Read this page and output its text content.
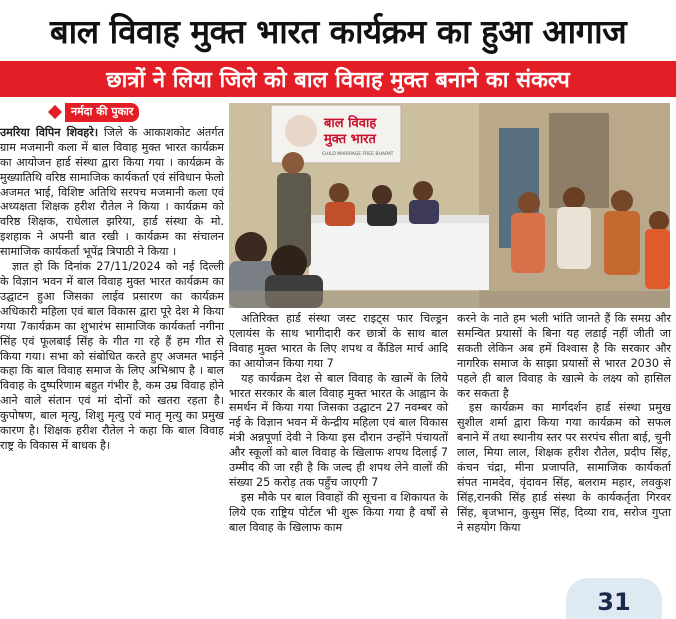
बाल विवाह मुक्त भारत कार्यक्रम का हुआ आगाज
छात्रों ने लिया जिले को बाल विवाह मुक्त बनाने का संकल्प
नर्मदा की पुकार

उमरिया विपिन शिवहरे। जिले के आकाशकोट अंतर्गत ग्राम मजमानी कला में बाल विवाह मुक्त भारत कार्यक्रम का आयोजन हार्ड संस्था द्वारा किया गया । कार्यक्रम के मुख्यातिथि वरिष्ठ सामाजिक कार्यकर्ता एवं संविधान फेलो अजमत भाई, विशिष्ट अतिथि सरपच मजमानी कला एवं अध्यक्षता शिक्षक हरीश रौतेल ने किया । कार्यक्रम को वरिष्ठ शिक्षक, राधेलाल झरिया, हार्ड संस्था के मो. इशहाक ने अपनी बात रखी । कार्यक्रम का संचालन सामाजिक कार्यकर्ता भूपेंद्र त्रिपाठी ने किया ।

ज्ञात हो कि दिनांक 27/11/2024 को नई दिल्ली के विज्ञान भवन में बाल विवाह मुक्त भारत कार्यक्रम का उद्घाटन हुआ जिसका लाईव प्रसारण का कार्यक्रम अधिकारी महिला एवं बाल विकास द्वारा पूरे देश मे किया गया 7कार्यक्रम का शुभारंभ सामाजिक कार्यकर्ता नगीना सिंह एवं फूलबाई सिंह के गीत गा रहे हैं हम गीत से किया गया। सभा को संबोधित करते हुए अजमत भाईने कहा कि बाल विवाह समाज के लिए अभिश्राप है । बाल विवाह के दुष्परिणाम बहुत गंभीर है, कम उम्र विवाह होने आने वाले संतान एवं मां दोनों को खतरा रहता है। कुपोषण, बाल मृत्यु, शिशु मृत्यु एवं मातृ मृत्यु का प्रमुख कारण है। शिक्षक हरीश रौतेल ने कहा कि बाल विवाह राष्ट्र के विकास में बाधक है।

बाल विवाह
मुक्त भारत
CHILD MARRIAGE FREE BHARAT

अतिरिक्त हार्ड संस्था जस्ट राइट्स फार चिल्ड्रन एलायंस के साथ भागीदारी कर छात्रों के साथ बाल विवाह मुक्त भारत के लिए शपथ व कैंडिल मार्च आदि का आयोजन किया गया 7

यह कार्यक्रम देश से बाल विवाह के खात्में के लिये भारत सरकार के बाल विवाह मुक्त भारत के आह्वान के समर्थन में किया गया जिसका उद्घाटन 27 नवम्बर को नई के विज्ञान भवन में केन्द्रीय महिला एवं बाल विकास मंत्री अन्नपूर्णा देवी ने किया इस दौरान उन्होंने पंचायतों और स्कूलों को बाल विवाह के खिलाफ शपथ दिलाई 7 उम्मीद की जा रही है कि जल्द ही शपथ लेने वालों की संख्या 25 करोड़ तक पहुँच जाएगी 7

इस मौके पर बाल विवाहों की सूचना व शिकायत के लिये एक राष्ट्रिय पोर्टल भी शुरू किया गया है वर्षों से बाल विवाह के खिलाफ काम

करने के नाते हम भली भांति जानते हैं कि समग्र और समन्वित प्रयासों के बिना यह लडाई नहीं जीती जा सकती लेकिन अब हमें विश्वास है कि सरकार और नागरिक समाज के साझा प्रयासों से भारत 2030 से पहले ही बाल विवाह के खात्मे के लक्ष्य को हासिल कर सकता है

इस कार्यक्रम का मार्गदर्शन हार्ड संस्था प्रमुख सुशील शर्मा द्वारा किया गया कार्यक्रम को सफल बनाने में तथा स्थानीय स्तर पर सरपंच सीता बाई, चुनी लाल, मिया लाल, शिक्षक हरीश रौतेल, प्रदीप सिंह, कंचन चंद्रा, मीना प्रजापति, सामाजिक कार्यकर्ता संपत नामदेव, वृंदावन सिंह, बलराम महार, लवकुश सिंह,रानकी सिंह हार्ड संस्था के कार्यकर्तृता गिरवर सिंह, बृजभान, कुसुम सिंह, दिव्या राव, सरोज गुप्ता ने सहयोग किया

31
